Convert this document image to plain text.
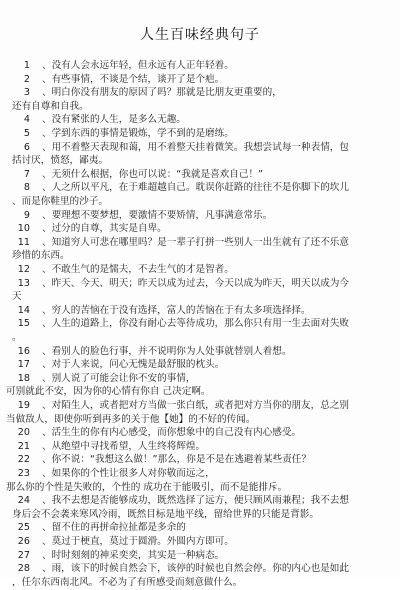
人生百味经典句子
1 、没有人会永远年轻，但永远有人正年轻着。
2 、有些事情，不谈是个结，谈开了是个疤。
3 、明白你没有朋友的原因了吗？那就是比朋友更重要的，
还有自尊和自我。
4 、没有紧张的人生，是多么无趣。
5 、学到东西的事情是锻炼，学不到的是磨练。
6 、用不着整天表现和蔼，用不着整天挂着微笑。我想尝试每一种表情，包
括讨厌，愤怒，鄙夷。
7 、无须什么根据，你也可以说：“我就是喜欢自己！”
8 、人之所以平凡，在于难超越自己。耽误你赶路的往往不是你脚下的坎儿
、而是你鞋里的沙子。
9 、要理想不要梦想，要激情不要矫情，凡事满意常乐。
10 、过分的自尊，其实是自卑。
11 、知道穷人可悲在哪里吗？是一辈子打拼一些别人一出生就有了还不乐意
珍惜的东西。
12 、不敢生气的是懦夫，不去生气的才是智者。
13 、昨天、今天、明天；昨天以成为过去，今天以成为昨天，明天以成为今
天
14 、穷人的苦恼在于没有选择，富人的苦恼在于有太多项选择择。
15 、人生的道路上，你没有耐心去等待成功，那么你只有用一生去面对失败
。
16 、看别人的脸色行事，并不说明你为人处事就替别人着想。
17 、对于人来说，问心无愧是最舒服的枕头。
18 、别人说了可能会让你不安的事情，
可别就此不安，因为你的心情有你自 己决定啊。
19 、对陌生人，或者把对方当做一张白纸，或者把对方当你的朋友，总之别
当做敌人，即使你听到再多的关于他【她】的不好的传闻。
20 、活生生的你有内心感受，而你想象中的自己没有内心感受。
21 、从绝望中寻找希望，人生终将辉煌。
22 、你不说：“我想这么做！”那么，你是不是在逃避着某些责任？
23 、如果你的个性让很多人对你敬而远之，
那么你的个性是失败的，个性的 成功在于能吸引，而不是能排斥。
24 、我不去想是否能够成功，既然选择了远方，便只顾风雨兼程；我不去想
身后会不会袭来寒风冷雨，既然目标是地平线，留给世界的只能是背影。
25 、留不住的再拼命拉扯都是多余的
26 、莫过于梗直，莫过于圆滑。外圆内方即可。
27 、时时刻刻的神采奕奕，其实是一种病态。
28 、雨，该下的时候自然会下，该停的时候也自然会停。你的内心也是如此
，任尔东西南北风。不必为了有所感受而刻意做什么。
